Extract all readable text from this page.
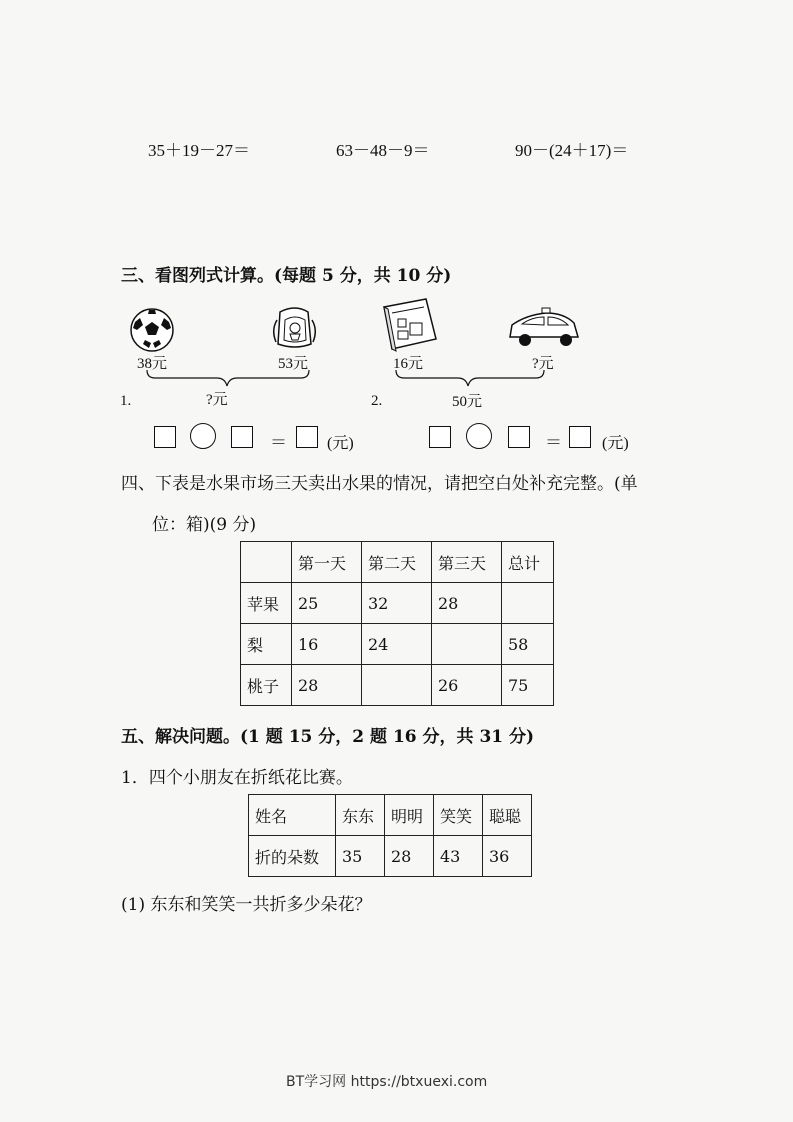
35＋19－27＝	63－48－9＝	90－(24＋17)＝
三、看图列式计算。(每题 5 分，共 10 分)
38元	53元
?元
1.
16元	?元
50元
2.
＝	(元)	＝	(元)
四、下表是水果市场三天卖出水果的情况，请把空白处补充完整。(单
位：箱)(9 分)
	第一天	第二天	第三天	总计
苹果	25	32	28	
梨	16	24		58
桃子	28		26	75
五、解决问题。(1 题 15 分，2 题 16 分，共 31 分)
1．四个小朋友在折纸花比赛。
姓名	东东	明明	笑笑	聪聪
折的朵数	35	28	43	36
(1) 东东和笑笑一共折多少朵花？
BT学习网 https://btxuexi.com
